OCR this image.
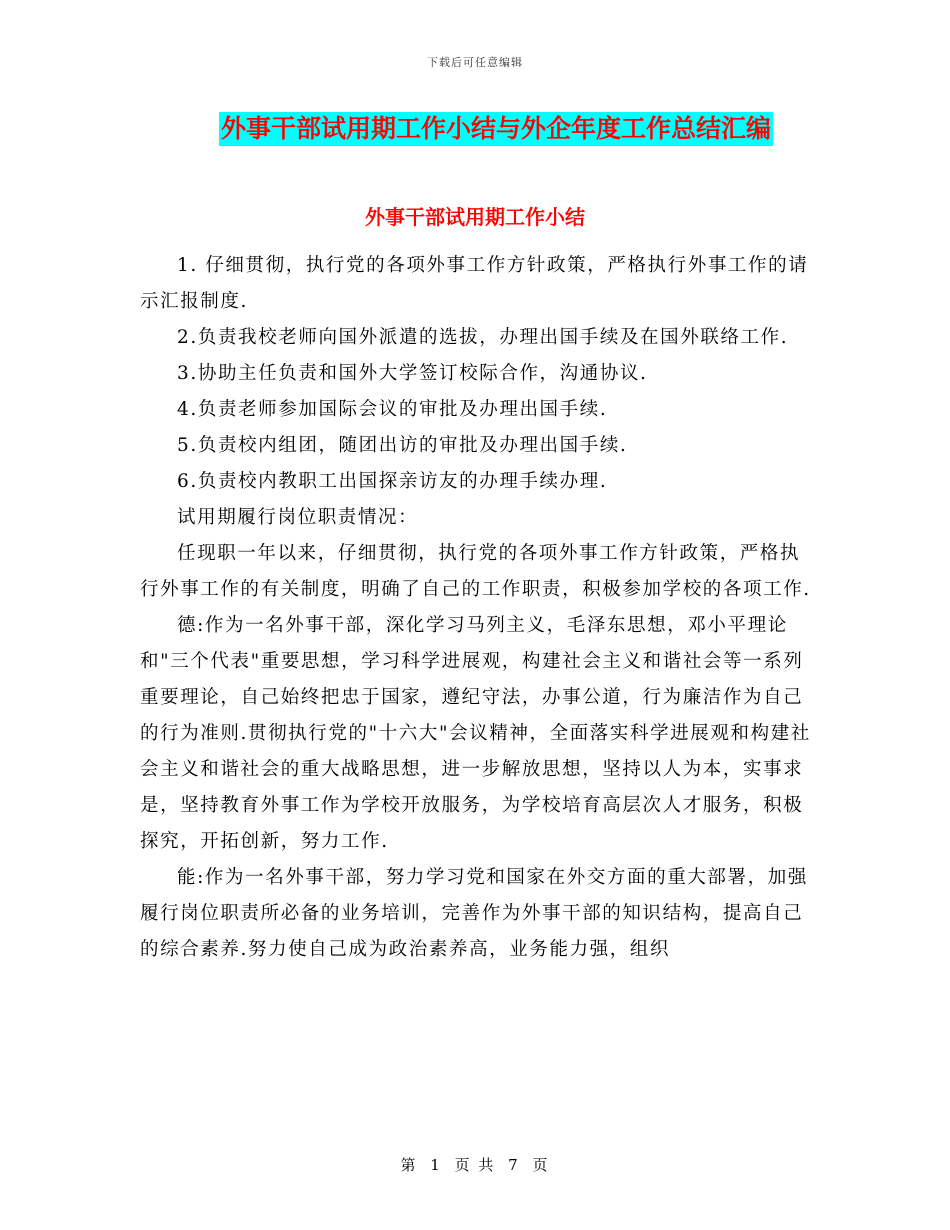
下载后可任意编辑
外事干部试用期工作小结与外企年度工作总结汇编
外事干部试用期工作小结

1. 仔细贯彻，执行党的各项外事工作方针政策，严格执行外事工作的请示汇报制度.

2.负责我校老师向国外派遣的选拔，办理出国手续及在国外联络工作.

3.协助主任负责和国外大学签订校际合作，沟通协议.

4.负责老师参加国际会议的审批及办理出国手续.

5.负责校内组团，随团出访的审批及办理出国手续.

6.负责校内教职工出国探亲访友的办理手续办理.

试用期履行岗位职责情况：

任现职一年以来，仔细贯彻，执行党的各项外事工作方针政策，严格执行外事工作的有关制度，明确了自己的工作职责，积极参加学校的各项工作.

德:作为一名外事干部，深化学习马列主义，毛泽东思想，邓小平理论和"三个代表"重要思想，学习科学进展观，构建社会主义和谐社会等一系列重要理论，自己始终把忠于国家，遵纪守法，办事公道，行为廉洁作为自己的行为准则.贯彻执行党的"十六大"会议精神，全面落实科学进展观和构建社会主义和谐社会的重大战略思想，进一步解放思想，坚持以人为本，实事求是，坚持教育外事工作为学校开放服务，为学校培育高层次人才服务，积极探究，开拓创新，努力工作.

能:作为一名外事干部，努力学习党和国家在外交方面的重大部署，加强履行岗位职责所必备的业务培训，完善作为外事干部的知识结构，提高自己的综合素养.努力使自己成为政治素养高，业务能力强，组织

第 1 页 共 7 页
